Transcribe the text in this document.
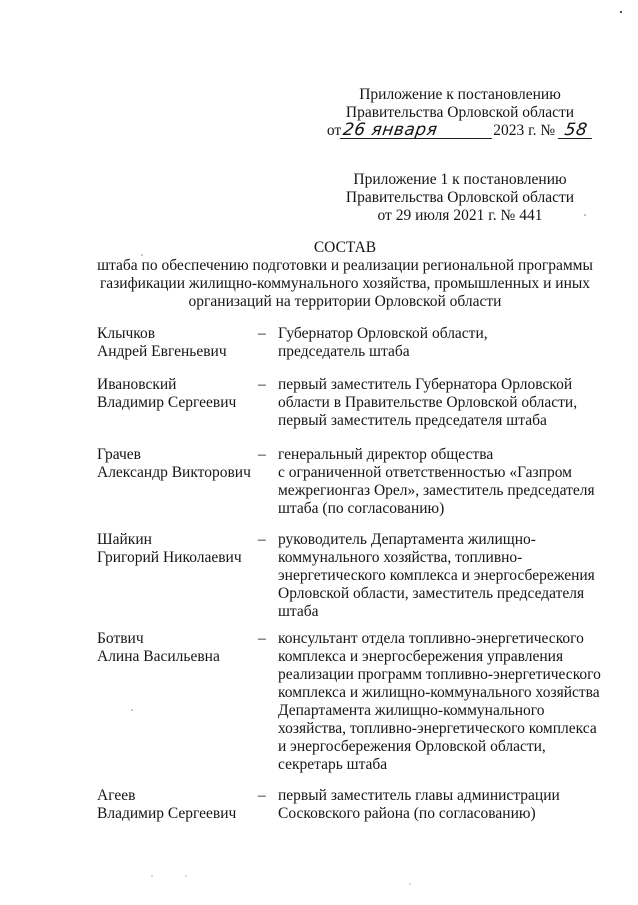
Приложение к постановлению
Правительства Орловской области
от26 января	2023 г. № 58
Приложение 1 к постановлению
Правительства Орловской области
от 29 июля 2021 г. № 441
СОСТАВ
штаба по обеспечению подготовки и реализации региональной программы
газификации жилищно-коммунального хозяйства, промышленных и иных
организаций на территории Орловской области
Клычков
Андрей Евгеньевич
– Губернатор Орловской области,
председатель штаба
Ивановский
Владимир Сергеевич
– первый заместитель Губернатора Орловской
области в Правительстве Орловской области,
первый заместитель председателя штаба
Грачев
Александр Викторович
– генеральный директор общества
с ограниченной ответственностью «Газпром
межрегионгаз Орел», заместитель председателя
штаба (по согласованию)
Шайкин
Григорий Николаевич
– руководитель Департамента жилищно-
коммунального хозяйства, топливно-
энергетического комплекса и энергосбережения
Орловской области, заместитель председателя
штаба
Ботвич
Алина Васильевна
– консультант отдела топливно-энергетического
комплекса и энергосбережения управления
реализации программ топливно-энергетического
комплекса и жилищно-коммунального хозяйства
Департамента жилищно-коммунального
хозяйства, топливно-энергетического комплекса
и энергосбережения Орловской области,
секретарь штаба
Агеев
Владимир Сергеевич
– первый заместитель главы администрации
Сосковского района (по согласованию)
